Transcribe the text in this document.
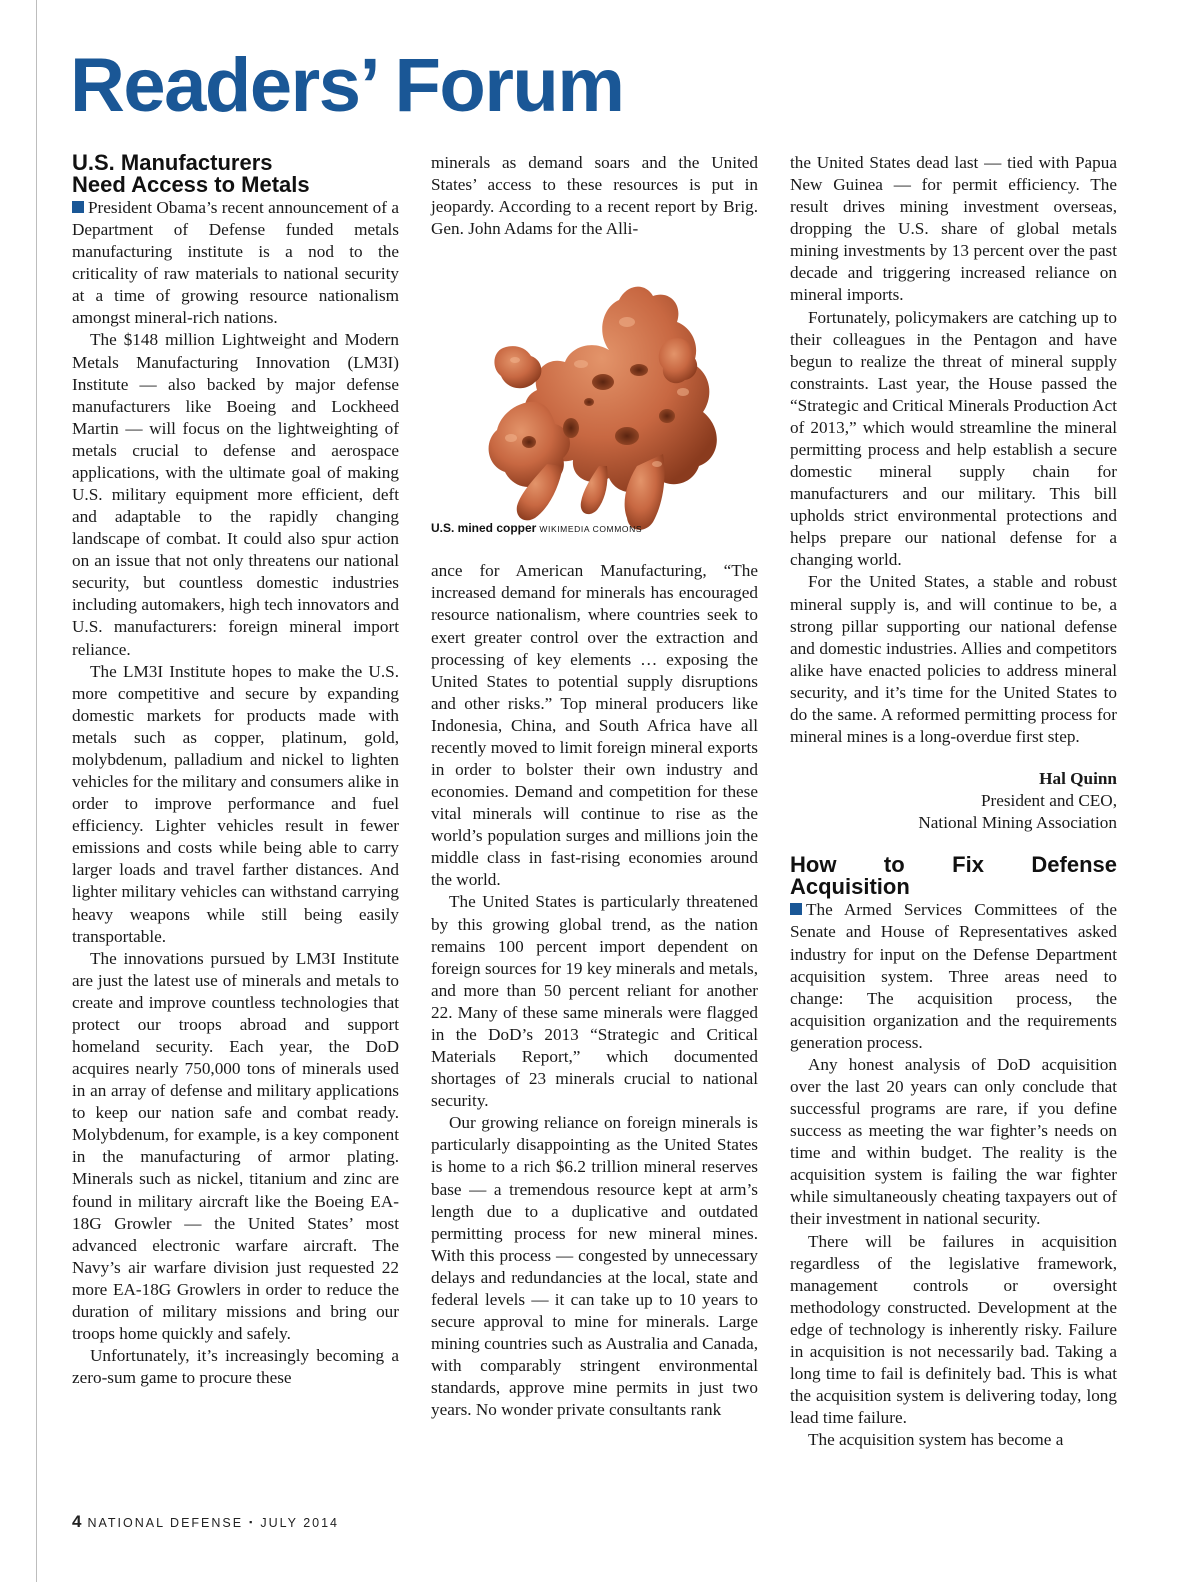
Readers’ Forum
U.S. Manufacturers
Need Access to Metals

President Obama’s recent announcement of a Department of Defense funded metals manufacturing institute is a nod to the criticality of raw materials to national security at a time of growing resource nationalism amongst mineral-rich nations.

The $148 million Lightweight and Modern Metals Manufacturing Innovation (LM3I) Institute — also backed by major defense manufacturers like Boeing and Lockheed Martin — will focus on the lightweighting of metals crucial to defense and aerospace applications, with the ultimate goal of making U.S. military equipment more efficient, deft and adaptable to the rapidly changing landscape of combat. It could also spur action on an issue that not only threatens our national security, but countless domestic industries including automakers, high tech innovators and U.S. manufacturers: foreign mineral import reliance.

The LM3I Institute hopes to make the U.S. more competitive and secure by expanding domestic markets for products made with metals such as copper, platinum, gold, molybdenum, palladium and nickel to lighten vehicles for the military and consumers alike in order to improve performance and fuel efficiency. Lighter vehicles result in fewer emissions and costs while being able to carry larger loads and travel farther distances. And lighter military vehicles can withstand carrying heavy weapons while still being easily transportable.

The innovations pursued by LM3I Institute are just the latest use of minerals and metals to create and improve countless technologies that protect our troops abroad and support homeland security. Each year, the DoD acquires nearly 750,000 tons of minerals used in an array of defense and military applications to keep our nation safe and combat ready. Molybdenum, for example, is a key component in the manufacturing of armor plating. Minerals such as nickel, titanium and zinc are found in military aircraft like the Boeing EA-18G Growler — the United States’ most advanced electronic warfare aircraft. The Navy’s air warfare division just requested 22 more EA-18G Growlers in order to reduce the duration of military missions and bring our troops home quickly and safely.

Unfortunately, it’s increasingly becoming a zero-sum game to procure these

minerals as demand soars and the United States’ access to these resources is put in jeopardy. According to a recent report by Brig. Gen. John Adams for the Alli-

U.S. mined copper WIKIMEDIA COMMONS

ance for American Manufacturing, “The increased demand for minerals has encouraged resource nationalism, where countries seek to exert greater control over the extraction and processing of key elements … exposing the United States to potential supply disruptions and other risks.” Top mineral producers like Indonesia, China, and South Africa have all recently moved to limit foreign mineral exports in order to bolster their own industry and economies. Demand and competition for these vital minerals will continue to rise as the world’s population surges and millions join the middle class in fast-rising economies around the world.

The United States is particularly threatened by this growing global trend, as the nation remains 100 percent import dependent on foreign sources for 19 key minerals and metals, and more than 50 percent reliant for another 22. Many of these same minerals were flagged in the DoD’s 2013 “Strategic and Critical Materials Report,” which documented shortages of 23 minerals crucial to national security.

Our growing reliance on foreign minerals is particularly disappointing as the United States is home to a rich $6.2 trillion mineral reserves base — a tremendous resource kept at arm’s length due to a duplicative and outdated permitting process for new mineral mines. With this process — congested by unnecessary delays and redundancies at the local, state and federal levels — it can take up to 10 years to secure approval to mine for minerals. Large mining countries such as Australia and Canada, with comparably stringent environmental standards, approve mine permits in just two years. No wonder private consultants rank

the United States dead last — tied with Papua New Guinea — for permit efficiency. The result drives mining investment overseas, dropping the U.S. share of global metals mining investments by 13 percent over the past decade and triggering increased reliance on mineral imports.

Fortunately, policymakers are catching up to their colleagues in the Pentagon and have begun to realize the threat of mineral supply constraints. Last year, the House passed the “Strategic and Critical Minerals Production Act of 2013,” which would streamline the mineral permitting process and help establish a secure domestic mineral supply chain for manufacturers and our military. This bill upholds strict environmental protections and helps prepare our national defense for a changing world.

For the United States, a stable and robust mineral supply is, and will continue to be, a strong pillar supporting our national defense and domestic industries. Allies and competitors alike have enacted policies to address mineral security, and it’s time for the United States to do the same. A reformed permitting process for mineral mines is a long-overdue first step.

Hal Quinn
President and CEO,
National Mining Association
How to Fix Defense Acquisition

The Armed Services Committees of the Senate and House of Representatives asked industry for input on the Defense Department acquisition system. Three areas need to change: The acquisition process, the acquisition organization and the requirements generation process.

Any honest analysis of DoD acquisition over the last 20 years can only conclude that successful programs are rare, if you define success as meeting the war fighter’s needs on time and within budget. The reality is the acquisition system is failing the war fighter while simultaneously cheating taxpayers out of their investment in national security.

There will be failures in acquisition regardless of the legislative framework, management controls or oversight methodology constructed. Development at the edge of technology is inherently risky. Failure in acquisition is not necessarily bad. Taking a long time to fail is definitely bad. This is what the acquisition system is delivering today, long lead time failure.

The acquisition system has become a

4 NATIONAL DEFENSE ▪ JULY 2014
